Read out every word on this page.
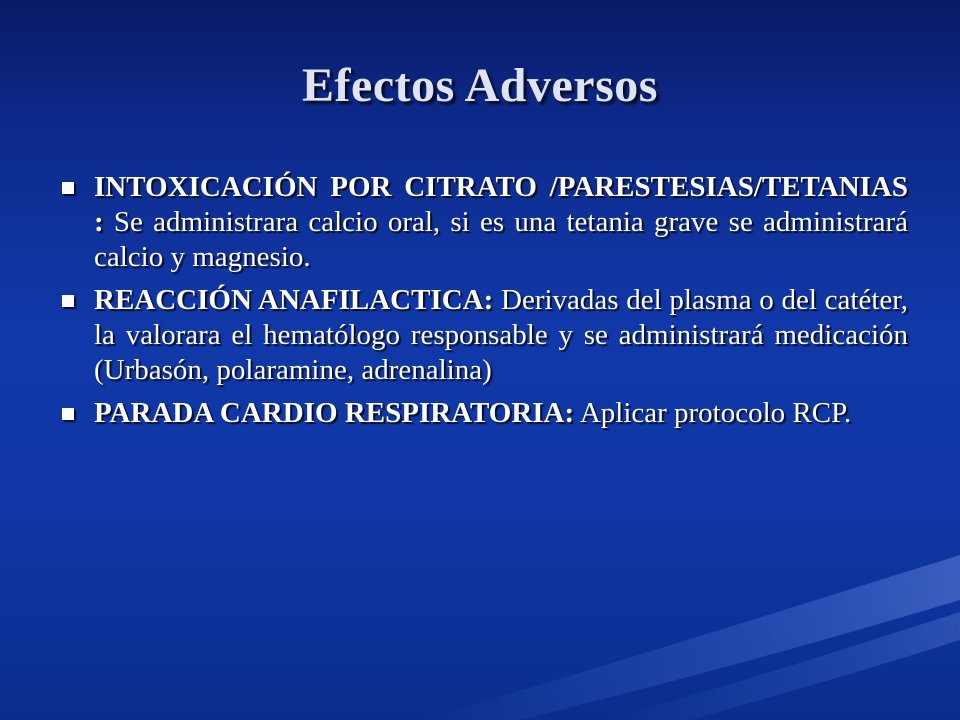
Efectos Adversos
INTOXICACIÓN POR CITRATO /PARESTESIAS/TETANIAS : Se administrara calcio oral, si es una tetania grave se administrará calcio y magnesio.
REACCIÓN ANAFILACTICA: Derivadas del plasma o del catéter, la valorara el hematólogo responsable y se administrará medicación (Urbasón, polaramine, adrenalina)
PARADA CARDIO RESPIRATORIA: Aplicar protocolo RCP.
